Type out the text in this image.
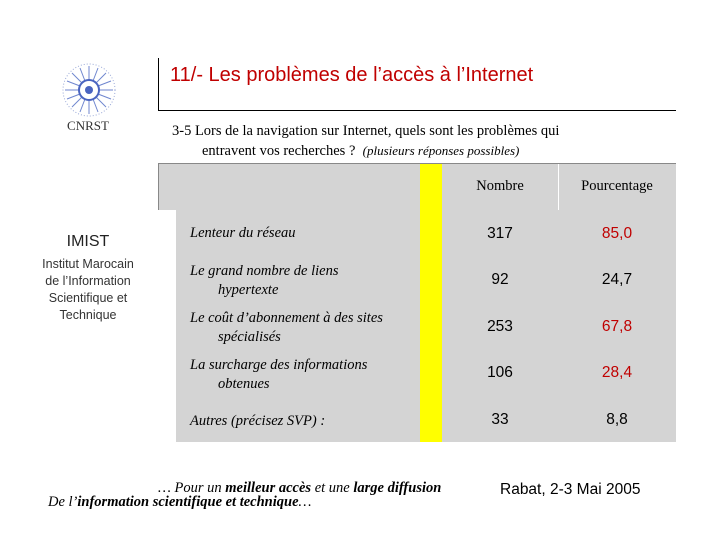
CNRST
11/- Les problèmes de l’accès à l’Internet
3-5 Lors de la navigation sur Internet, quels sont les problèmes qui
entravent vos recherches ? (plusieurs réponses possibles)
IMIST
Institut Marocain
de l’Information
Scientifique et
Technique
Nombre	Pourcentage
Lenteur du réseau	317	85,0
Le grand nombre de liens
hypertexte
92	24,7
Le coût d’abonnement à des sites
spécialisés
253	67,8
La surcharge des informations
obtenues
106	28,4
Autres (précisez SVP) :	33	8,8
… Pour un meilleur accès et une large diffusion
De l’information scientifique et technique…
Rabat, 2-3 Mai 2005
